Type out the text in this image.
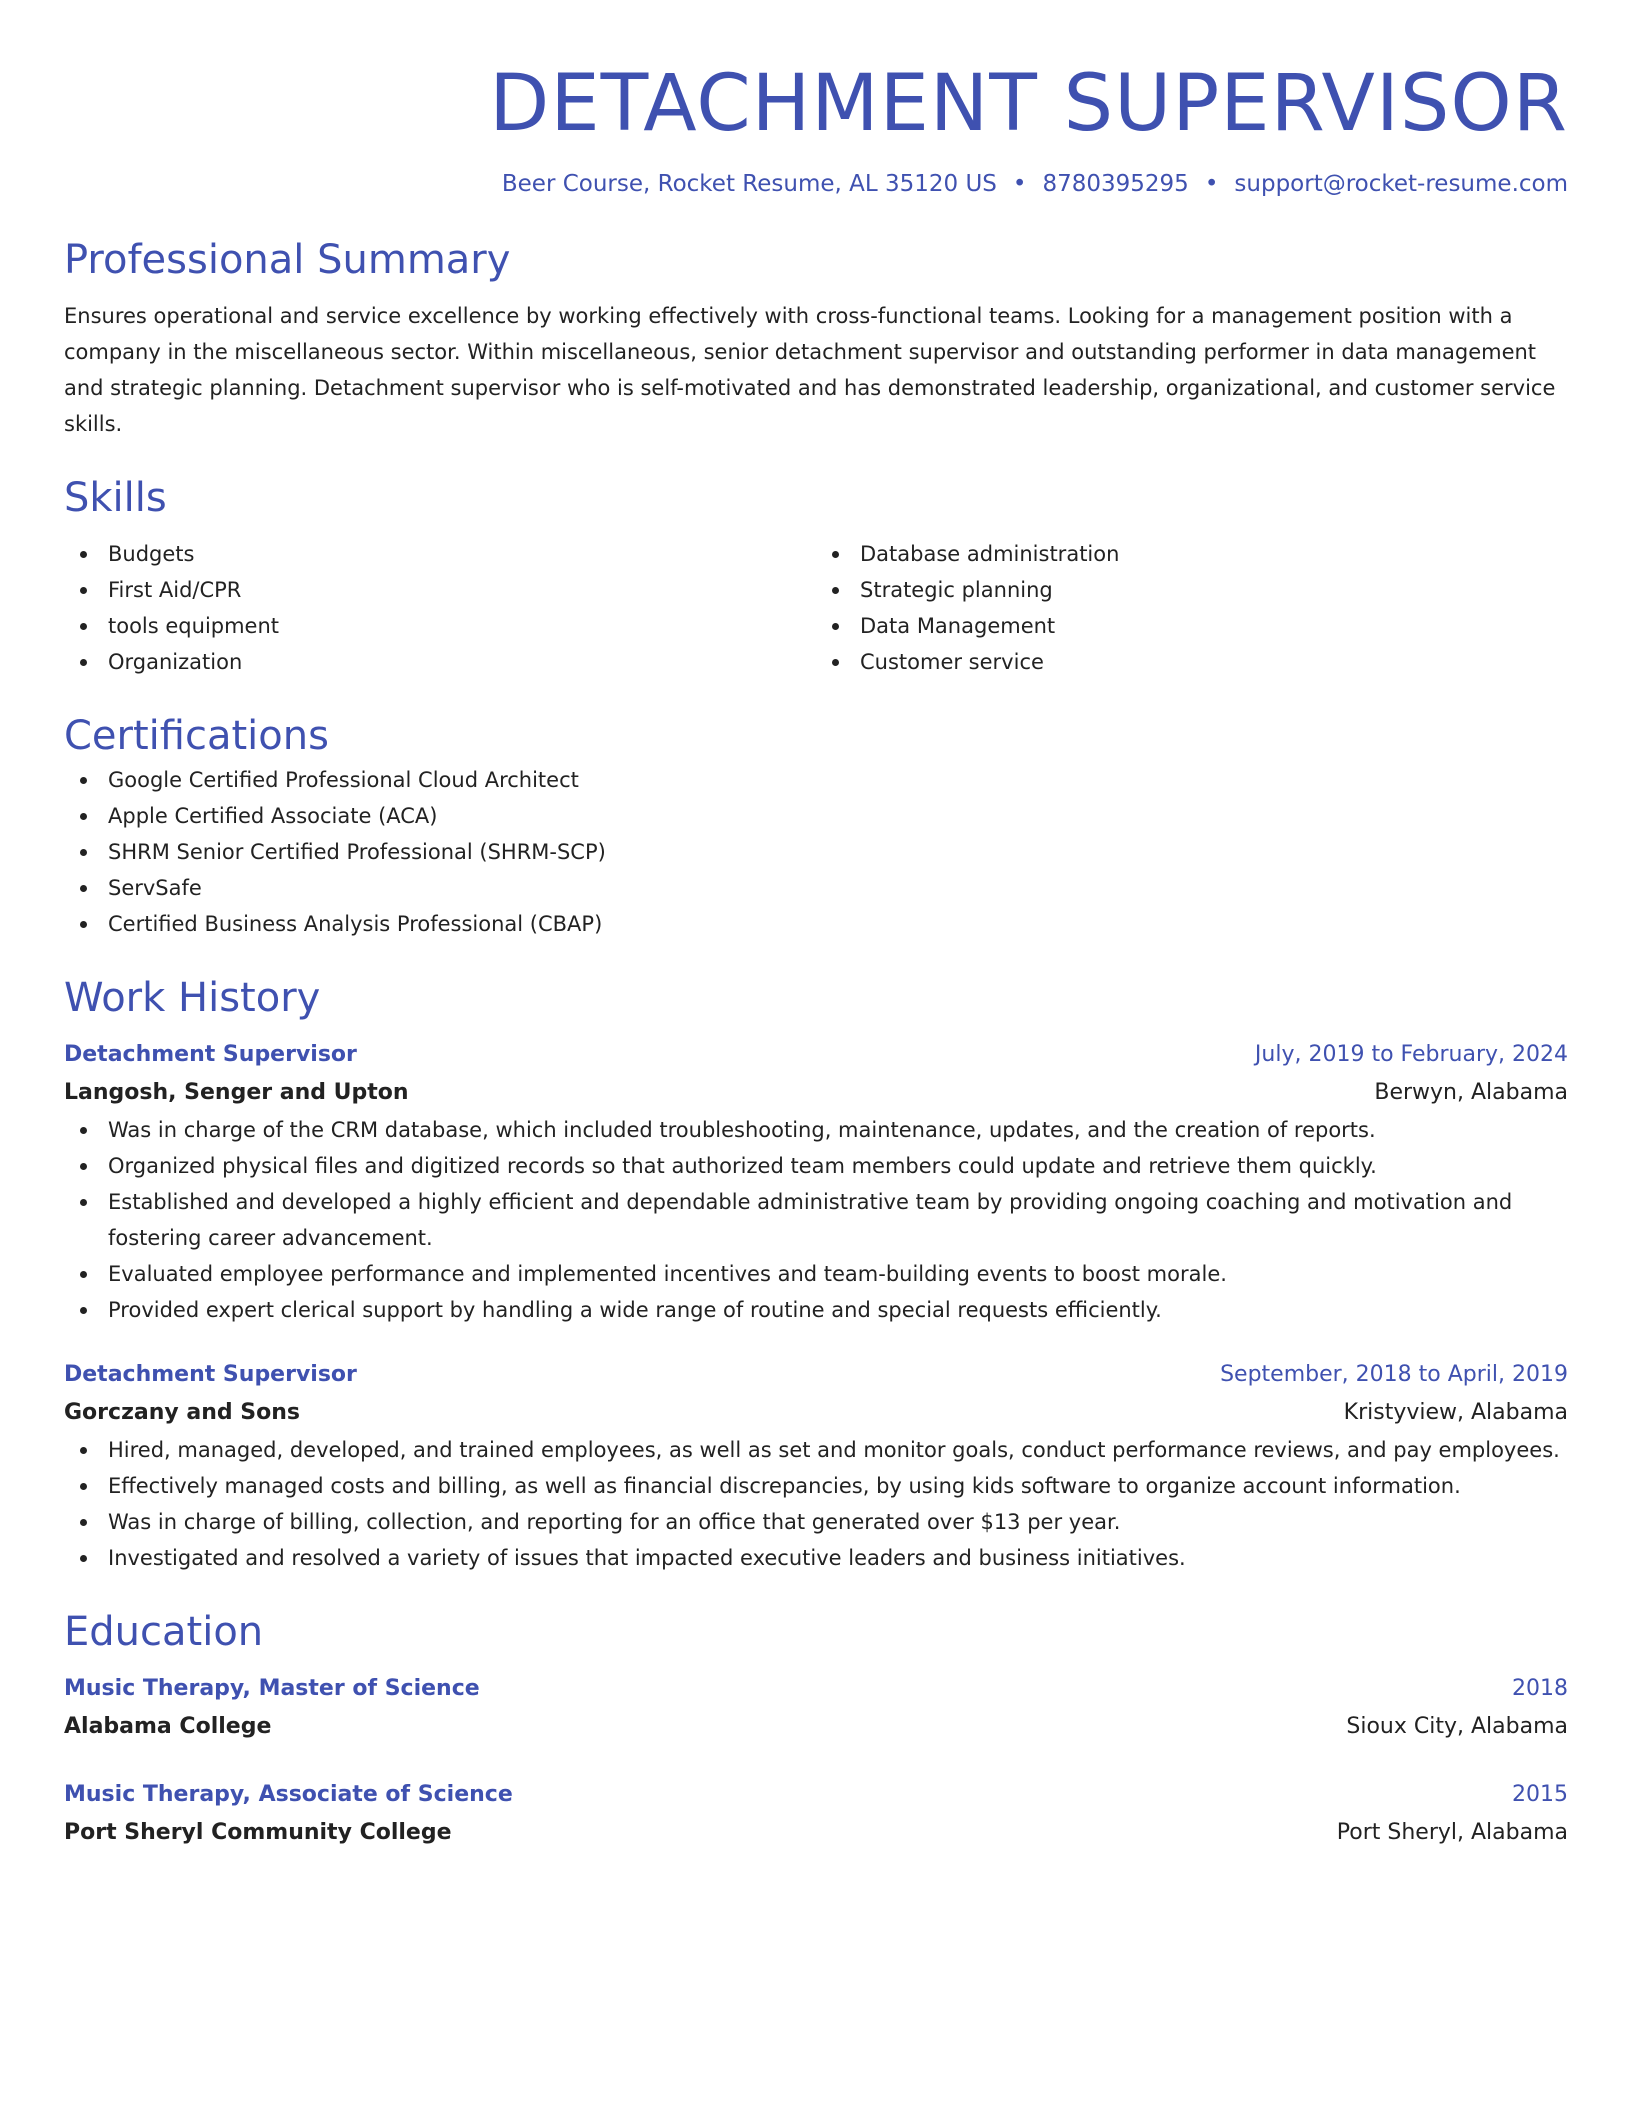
DETACHMENT SUPERVISOR
Beer Course, Rocket Resume, AL 35120 US • 8780395295 • support@rocket-resume.com
Professional Summary
Ensures operational and service excellence by working effectively with cross-functional teams. Looking for a management position with a company in the miscellaneous sector. Within miscellaneous, senior detachment supervisor and outstanding performer in data management and strategic planning. Detachment supervisor who is self-motivated and has demonstrated leadership, organizational, and customer service skills.
Skills
Budgets
First Aid/CPR
tools equipment
Organization
Database administration
Strategic planning
Data Management
Customer service
Certifications
Google Certified Professional Cloud Architect
Apple Certified Associate (ACA)
SHRM Senior Certified Professional (SHRM-SCP)
ServSafe
Certified Business Analysis Professional (CBAP)
Work History
Detachment Supervisor	July, 2019 to February, 2024
Langosh, Senger and Upton	Berwyn, Alabama
Was in charge of the CRM database, which included troubleshooting, maintenance, updates, and the creation of reports.
Organized physical files and digitized records so that authorized team members could update and retrieve them quickly.
Established and developed a highly efficient and dependable administrative team by providing ongoing coaching and motivation and fostering career advancement.
Evaluated employee performance and implemented incentives and team-building events to boost morale.
Provided expert clerical support by handling a wide range of routine and special requests efficiently.
Detachment Supervisor	September, 2018 to April, 2019
Gorczany and Sons	Kristyview, Alabama
Hired, managed, developed, and trained employees, as well as set and monitor goals, conduct performance reviews, and pay employees.
Effectively managed costs and billing, as well as financial discrepancies, by using kids software to organize account information.
Was in charge of billing, collection, and reporting for an office that generated over $13 per year.
Investigated and resolved a variety of issues that impacted executive leaders and business initiatives.
Education
Music Therapy, Master of Science	2018
Alabama College	Sioux City, Alabama
Music Therapy, Associate of Science	2015
Port Sheryl Community College	Port Sheryl, Alabama
